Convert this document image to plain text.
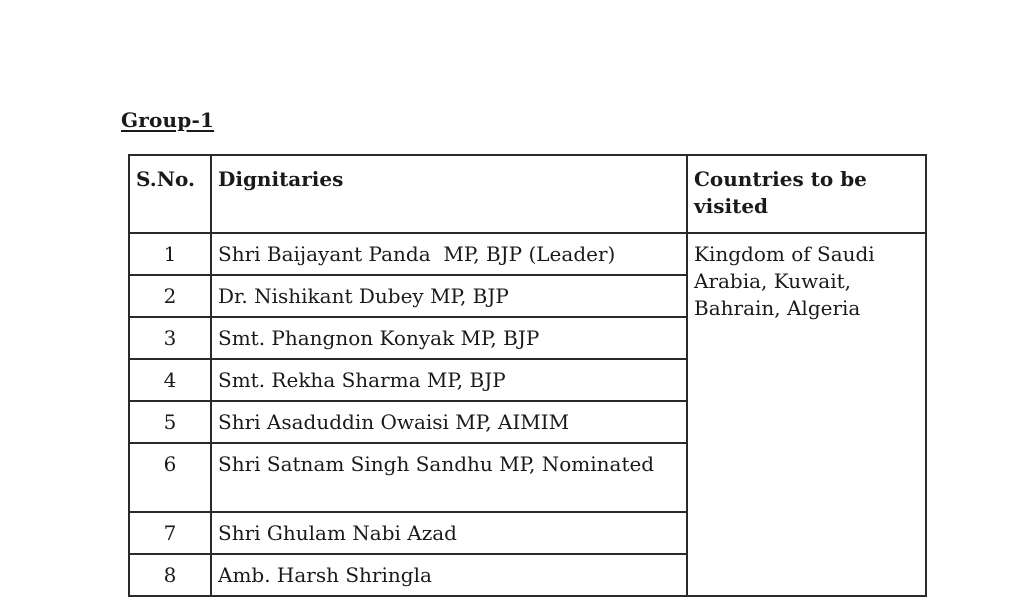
Group-1
S.No.	Dignitaries	Countries to be visited
1	Shri Baijayant Panda  MP, BJP (Leader)	Kingdom of Saudi Arabia, Kuwait, Bahrain, Algeria
2	Dr. Nishikant Dubey MP, BJP	
3	Smt. Phangnon Konyak MP, BJP	
4	Smt. Rekha Sharma MP, BJP	
5	Shri Asaduddin Owaisi MP, AIMIM	
6	Shri Satnam Singh Sandhu MP, Nominated	
7	Shri Ghulam Nabi Azad	
8	Amb. Harsh Shringla	
